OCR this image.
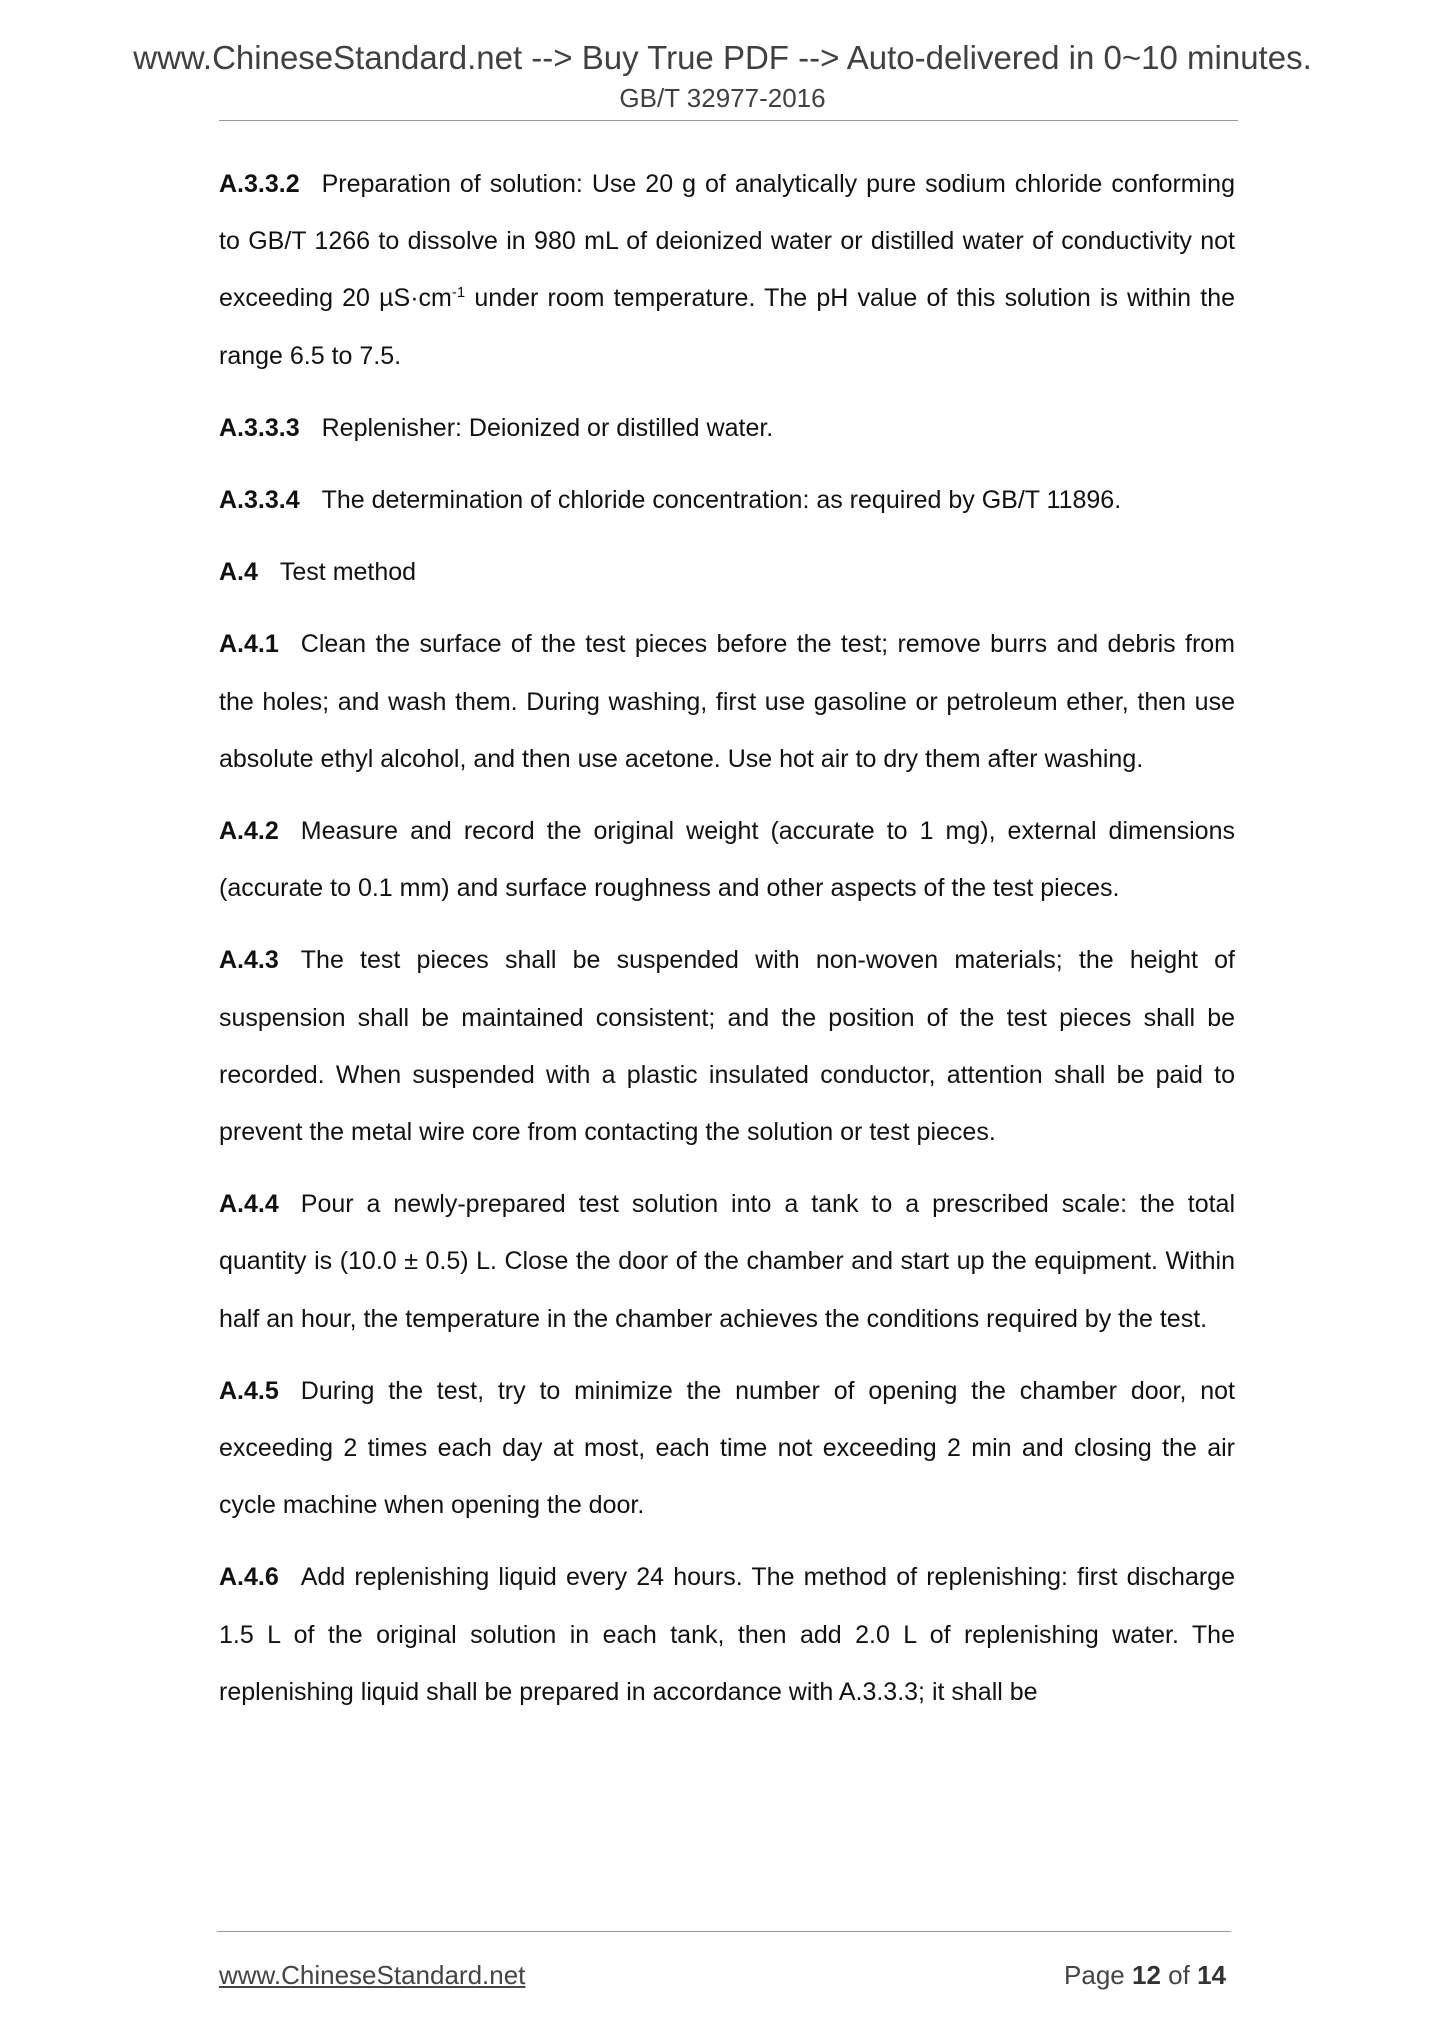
www.ChineseStandard.net --> Buy True PDF --> Auto-delivered in 0~10 minutes.
GB/T 32977-2016

A.3.3.2 Preparation of solution: Use 20 g of analytically pure sodium chloride conforming to GB/T 1266 to dissolve in 980 mL of deionized water or distilled water of conductivity not exceeding 20 $\mu S\cdot cm^{-1}$ under room temperature. The pH value of this solution is within the range 6.5 to 7.5.

A.3.3.3 Replenisher: Deionized or distilled water.

A.3.3.4 The determination of chloride concentration: as required by GB/T 11896.

A.4 Test method

A.4.1 Clean the surface of the test pieces before the test; remove burrs and debris from the holes; and wash them. During washing, first use gasoline or petroleum ether, then use absolute ethyl alcohol, and then use acetone. Use hot air to dry them after washing.

A.4.2 Measure and record the original weight (accurate to 1 mg), external dimensions (accurate to 0.1 mm) and surface roughness and other aspects of the test pieces.

A.4.3 The test pieces shall be suspended with non-woven materials; the height of suspension shall be maintained consistent; and the position of the test pieces shall be recorded. When suspended with a plastic insulated conductor, attention shall be paid to prevent the metal wire core from contacting the solution or test pieces.

A.4.4 Pour a newly-prepared test solution into a tank to a prescribed scale: the total quantity is (10.0 ± 0.5) L. Close the door of the chamber and start up the equipment. Within half an hour, the temperature in the chamber achieves the conditions required by the test.

A.4.5 During the test, try to minimize the number of opening the chamber door, not exceeding 2 times each day at most, each time not exceeding 2 min and closing the air cycle machine when opening the door.

A.4.6 Add replenishing liquid every 24 hours. The method of replenishing: first discharge 1.5 L of the original solution in each tank, then add 2.0 L of replenishing water. The replenishing liquid shall be prepared in accordance with A.3.3.3; it shall be

www.ChineseStandard.net	Page 12 of 14
